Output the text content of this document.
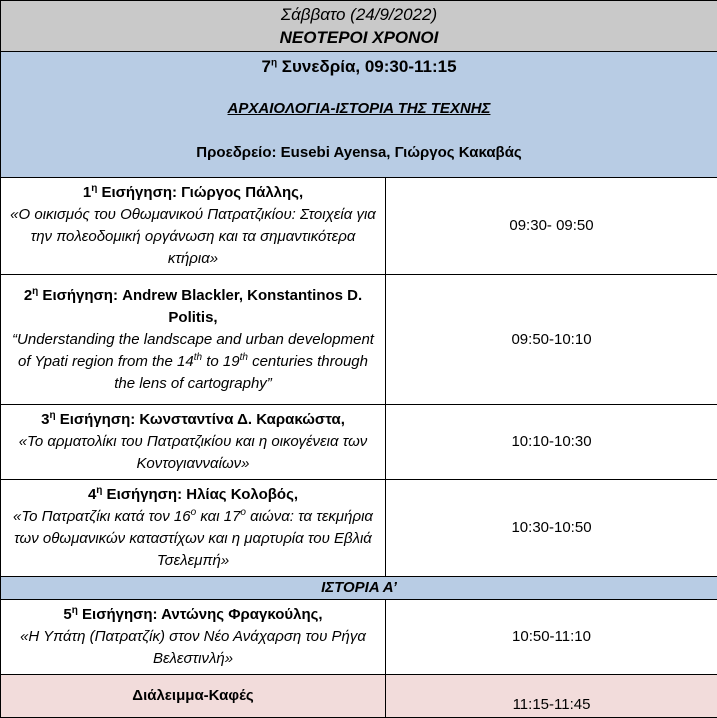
Σάββατο (24/9/2022)
ΝΕΟΤΕΡΟΙ ΧΡΟΝΟΙ	

$7^\eta$ Συνεδρία, 09:30-11:15
ΑΡΧΑΙΟΛΟΓΙΑ-ΙΣΤΟΡΙΑ ΤΗΣ ΤΕΧΝΗΣ
Προεδρείο: Eusebi Ayensa, Γιώργος Κακαβάς	

$1^\eta$ Εισήγηση: Γιώργος Πάλλης,
«Ο οικισμός του Οθωμανικού Πατρατζικίου: Στοιχεία για την πολεοδομική οργάνωση και τα σημαντικότερα κτήρια»	09:30- 09:50

$2^\eta$ Εισήγηση: Andrew Blackler, Konstantinos D. Politis,
“Understanding the landscape and urban development of Ypati region from the 14th to 19th centuries through the lens of cartography”	09:50-10:10

$3^\eta$ Εισήγηση: Κωνσταντίνα Δ. Καρακώστα,
«Το αρματολίκι του Πατρατζικίου και η οικογένεια των Κοντογιανναίων»	10:10-10:30

$4^\eta$ Εισήγηση: Ηλίας Κολοβός,
«Το Πατρατζίκι κατά τον $16^o$ και $17^o$ αιώνα: τα τεκμήρια των οθωμανικών καταστίχων και η μαρτυρία του Εβλιά Τσελεμπή»	10:30-10:50
ΙΣΤΟΡΙΑ Α’	

$5^\eta$ Εισήγηση: Αντώνης Φραγκούλης,
«Η Υπάτη (Πατρατζίκ) στον Νέο Ανάχαρση του Ρήγα Βελεστινλή»	10:50-11:10
Διάλειμμα-Καφές	11:15-11:45
